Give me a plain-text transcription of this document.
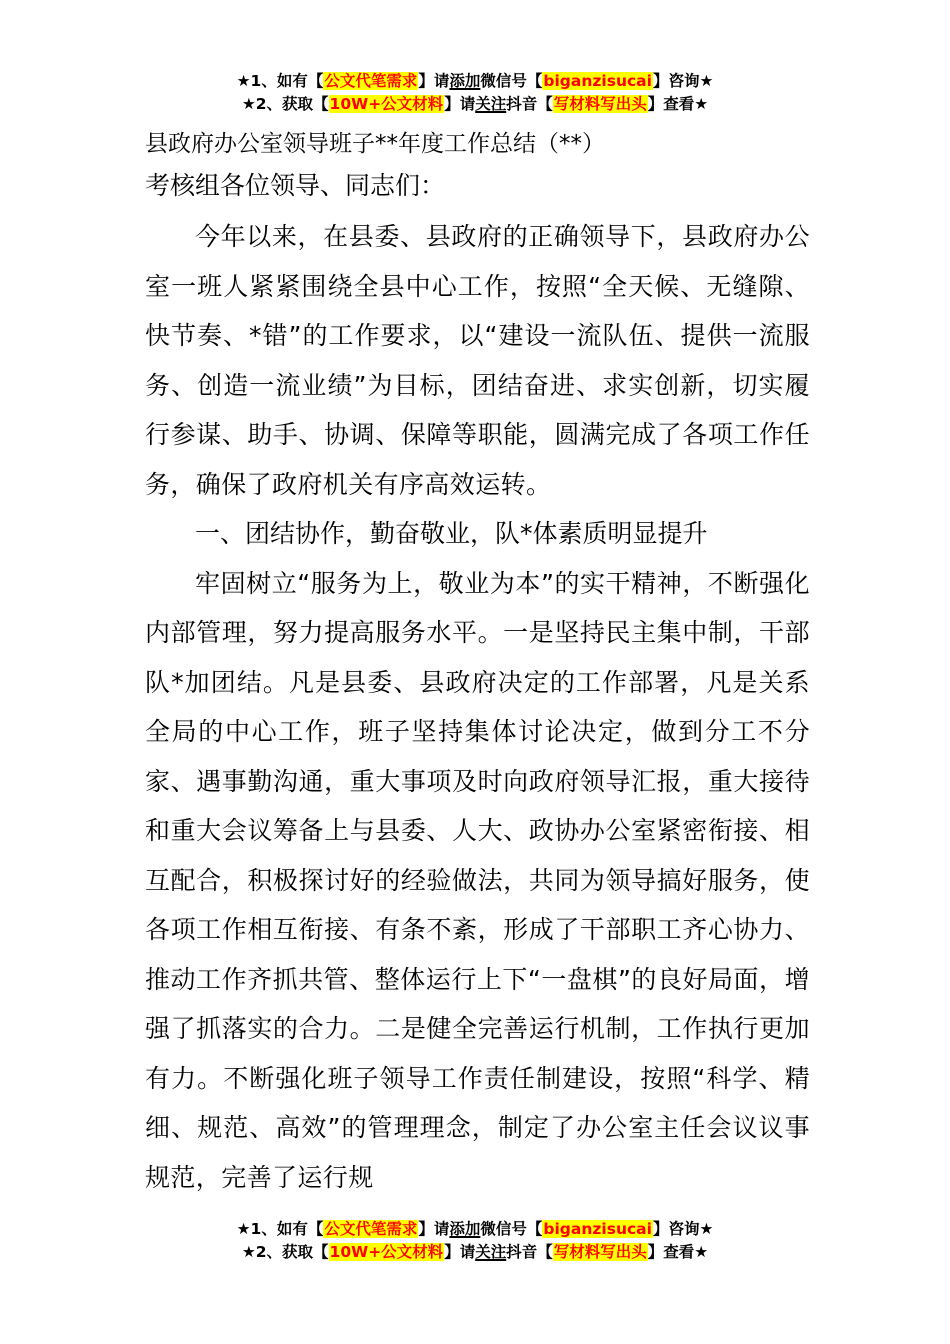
★1、如有【公文代笔需求】请添加微信号【biganzisucai】咨询★
★2、获取【10W+公文材料】请关注抖音【写材料写出头】查看★

县政府办公室领导班子**年度工作总结（**）

考核组各位领导、同志们：

今年以来，在县委、县政府的正确领导下，县政府办公室一班人紧紧围绕全县中心工作，按照“全天候、无缝隙、快节奏、*错”的工作要求，以“建设一流队伍、提供一流服务、创造一流业绩”为目标，团结奋进、求实创新，切实履行参谋、助手、协调、保障等职能，圆满完成了各项工作任务，确保了政府机关有序高效运转。

一、团结协作，勤奋敬业，队*体素质明显提升

牢固树立“服务为上，敬业为本”的实干精神，不断强化内部管理，努力提高服务水平。一是坚持民主集中制，干部队*加团结。凡是县委、县政府决定的工作部署，凡是关系全局的中心工作，班子坚持集体讨论决定，做到分工不分家、遇事勤沟通，重大事项及时向政府领导汇报，重大接待和重大会议筹备上与县委、人大、政协办公室紧密衔接、相互配合，积极探讨好的经验做法，共同为领导搞好服务，使各项工作相互衔接、有条不紊，形成了干部职工齐心协力、推动工作齐抓共管、整体运行上下“一盘棋”的良好局面，增强了抓落实的合力。二是健全完善运行机制，工作执行更加有力。不断强化班子领导工作责任制建设，按照“科学、精细、规范、高效”的管理理念，制定了办公室主任会议议事规范，完善了运行规

★1、如有【公文代笔需求】请添加微信号【biganzisucai】咨询★
★2、获取【10W+公文材料】请关注抖音【写材料写出头】查看★
